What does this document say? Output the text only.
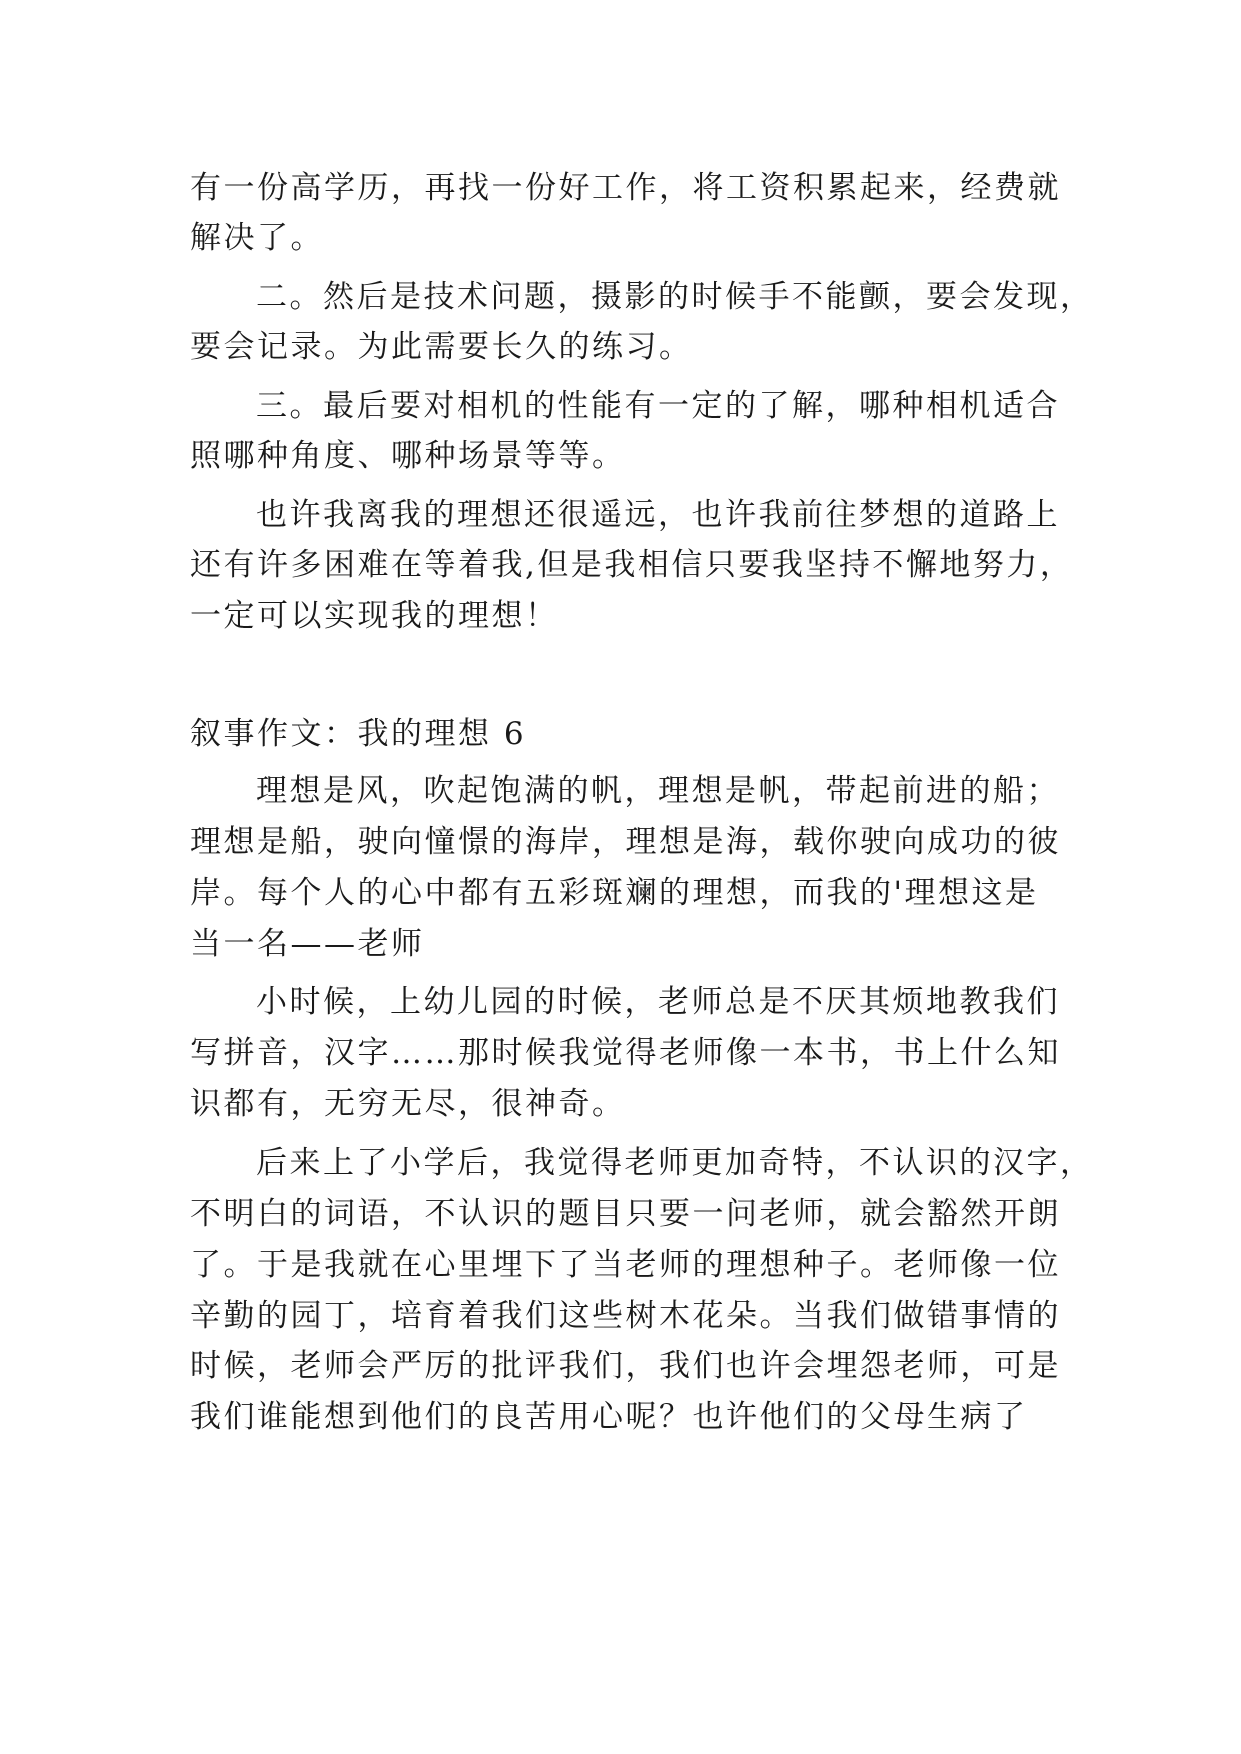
有一份高学历，再找一份好工作，将工资积累起来，经费就
解决了。
二。然后是技术问题，摄影的时候手不能颤，要会发现，
要会记录。为此需要长久的练习。
三。最后要对相机的性能有一定的了解，哪种相机适合
照哪种角度、哪种场景等等。
也许我离我的理想还很遥远，也许我前往梦想的道路上
还有许多困难在等着我,但是我相信只要我坚持不懈地努力，
一定可以实现我的理想！
叙事作文：我的理想 6
理想是风，吹起饱满的帆，理想是帆，带起前进的船；
理想是船，驶向憧憬的海岸，理想是海，载你驶向成功的彼
岸。每个人的心中都有五彩斑斓的理想，而我的'理想这是
当一名——老师
小时候，上幼儿园的时候，老师总是不厌其烦地教我们
写拼音，汉字……那时候我觉得老师像一本书，书上什么知
识都有，无穷无尽，很神奇。
后来上了小学后，我觉得老师更加奇特，不认识的汉字，
不明白的词语，不认识的题目只要一问老师，就会豁然开朗
了。于是我就在心里埋下了当老师的理想种子。老师像一位
辛勤的园丁，培育着我们这些树木花朵。当我们做错事情的
时候，老师会严厉的批评我们，我们也许会埋怨老师，可是
我们谁能想到他们的良苦用心呢？也许他们的父母生病了
